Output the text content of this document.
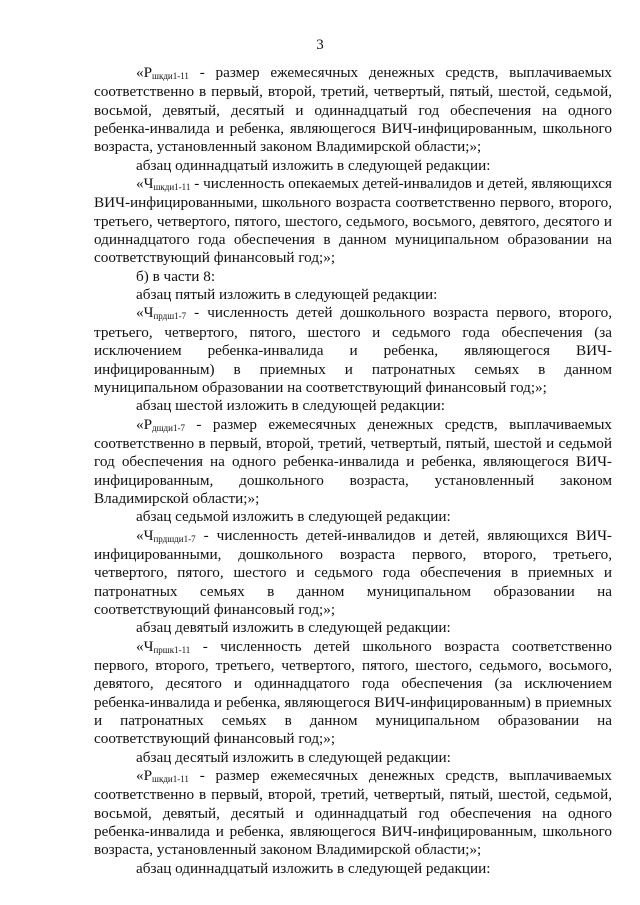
3

«Ршкди1-11 - размер ежемесячных денежных средств, выплачиваемых соответственно в первый, второй, третий, четвертый, пятый, шестой, седьмой, восьмой, девятый, десятый и одиннадцатый год обеспечения на одного ребенка-инвалида и ребенка, являющегося ВИЧ-инфицированным, школьного возраста, установленный законом Владимирской области;»;

абзац одиннадцатый изложить в следующей редакции:

«Чшкди1-11 - численность опекаемых детей-инвалидов и детей, являющихся ВИЧ-инфицированными, школьного возраста соответственно первого, второго, третьего, четвертого, пятого, шестого, седьмого, восьмого, девятого, десятого и одиннадцатого года обеспечения в данном муниципальном образовании на соответствующий финансовый год;»;

б) в части 8:

абзац пятый изложить в следующей редакции:

«Чпрдш1-7 - численность детей дошкольного возраста первого, второго, третьего, четвертого, пятого, шестого и седьмого года обеспечения (за исключением ребенка-инвалида и ребенка, являющегося ВИЧ-инфицированным) в приемных и патронатных семьях в данном муниципальном образовании на соответствующий финансовый год;»;

абзац шестой изложить в следующей редакции:

«Рдшди1-7 - размер ежемесячных денежных средств, выплачиваемых соответственно в первый, второй, третий, четвертый, пятый, шестой и седьмой год обеспечения на одного ребенка-инвалида и ребенка, являющегося ВИЧ-инфицированным, дошкольного возраста, установленный законом Владимирской области;»;

абзац седьмой изложить в следующей редакции:

«Чпрдшди1-7 - численность детей-инвалидов и детей, являющихся ВИЧ-инфицированными, дошкольного возраста первого, второго, третьего, четвертого, пятого, шестого и седьмого года обеспечения в приемных и патронатных семьях в данном муниципальном образовании на соответствующий финансовый год;»;

абзац девятый изложить в следующей редакции:

«Чпршк1-11 - численность детей школьного возраста соответственно первого, второго, третьего, четвертого, пятого, шестого, седьмого, восьмого, девятого, десятого и одиннадцатого года обеспечения (за исключением ребенка-инвалида и ребенка, являющегося ВИЧ-инфицированным) в приемных и патронатных семьях в данном муниципальном образовании на соответствующий финансовый год;»;

абзац десятый изложить в следующей редакции:

«Ршкди1-11 - размер ежемесячных денежных средств, выплачиваемых соответственно в первый, второй, третий, четвертый, пятый, шестой, седьмой, восьмой, девятый, десятый и одиннадцатый год обеспечения на одного ребенка-инвалида и ребенка, являющегося ВИЧ-инфицированным, школьного возраста, установленный законом Владимирской области;»;

абзац одиннадцатый изложить в следующей редакции:
